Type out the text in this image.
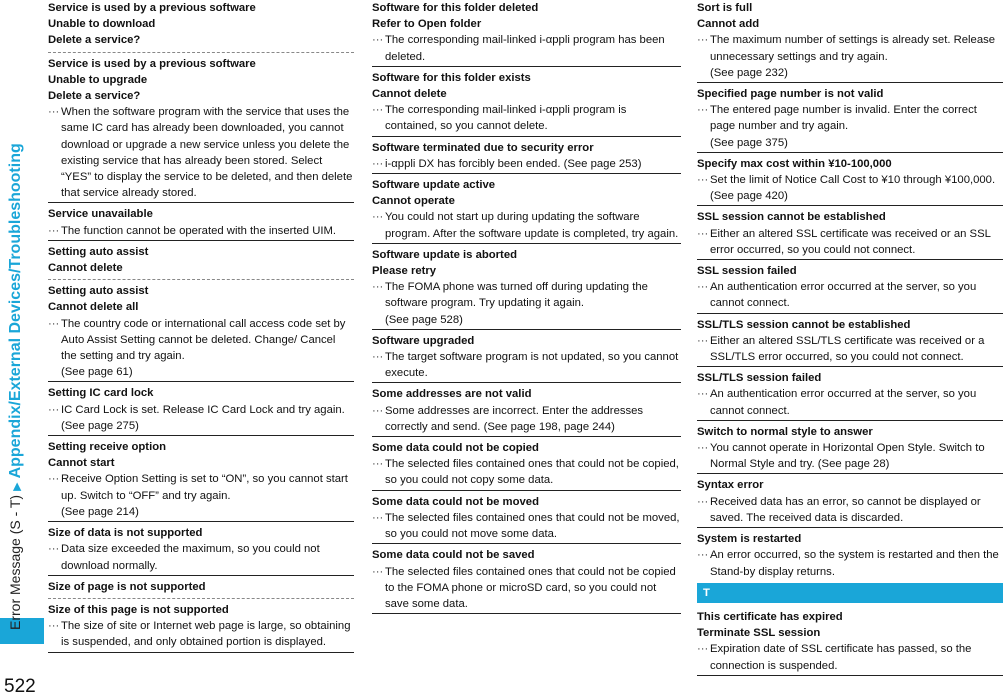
Error Message (S - T)▶Appendix/External Devices/Troubleshooting
522

Service is used by a previous software

Unable to download

Delete a service?

Service is used by a previous software

Unable to upgrade

Delete a service?

··· When the software program with the service that uses the same IC card has already been downloaded, you cannot download or upgrade a new service unless you delete the existing service that has already been stored. Select “YES” to display the service to be deleted, and then delete that service already stored.

Service unavailable

··· The function cannot be operated with the inserted UIM.

Setting auto assist

Cannot delete

Setting auto assist

Cannot delete all

··· The country code or international call access code set by Auto Assist Setting cannot be deleted. Change/ Cancel the setting and try again.
(See page 61)

Setting IC card lock

··· IC Card Lock is set. Release IC Card Lock and try again. (See page 275)

Setting receive option

Cannot start

··· Receive Option Setting is set to “ON”, so you cannot start up. Switch to “OFF” and try again.
(See page 214)

Size of data is not supported

··· Data size exceeded the maximum, so you could not download normally.

Size of page is not supported

Size of this page is not supported

··· The size of site or Internet web page is large, so obtaining is suspended, and only obtained portion is displayed.

Software for this folder deleted

Refer to Open folder

··· The corresponding mail-linked i-αppli program has been deleted.

Software for this folder exists

Cannot delete

··· The corresponding mail-linked i-αppli program is contained, so you cannot delete.

Software terminated due to security error

··· i-αppli DX has forcibly been ended. (See page 253)

Software update active

Cannot operate

··· You could not start up during updating the software program. After the software update is completed, try again.

Software update is aborted

Please retry

··· The FOMA phone was turned off during updating the software program. Try updating it again.
(See page 528)

Software upgraded

··· The target software program is not updated, so you cannot execute.

Some addresses are not valid

··· Some addresses are incorrect. Enter the addresses correctly and send. (See page 198, page 244)

Some data could not be copied

··· The selected files contained ones that could not be copied, so you could not copy some data.

Some data could not be moved

··· The selected files contained ones that could not be moved, so you could not move some data.

Some data could not be saved

··· The selected files contained ones that could not be copied to the FOMA phone or microSD card, so you could not save some data.

Sort is full

Cannot add

··· The maximum number of settings is already set. Release unnecessary settings and try again.
(See page 232)

Specified page number is not valid

··· The entered page number is invalid. Enter the correct page number and try again.
(See page 375)

Specify max cost within ¥10-100,000

··· Set the limit of Notice Call Cost to ¥10 through ¥100,000. (See page 420)

SSL session cannot be established

··· Either an altered SSL certificate was received or an SSL error occurred, so you could not connect.

SSL session failed

··· An authentication error occurred at the server, so you cannot connect.

SSL/TLS session cannot be established

··· Either an altered SSL/TLS certificate was received or a SSL/TLS error occurred, so you could not connect.

SSL/TLS session failed

··· An authentication error occurred at the server, so you cannot connect.

Switch to normal style to answer

··· You cannot operate in Horizontal Open Style. Switch to Normal Style and try. (See page 28)

Syntax error

··· Received data has an error, so cannot be displayed or saved. The received data is discarded.

System is restarted

··· An error occurred, so the system is restarted and then the Stand-by display returns.

T

This certificate has expired

Terminate SSL session

··· Expiration date of SSL certificate has passed, so the connection is suspended.
